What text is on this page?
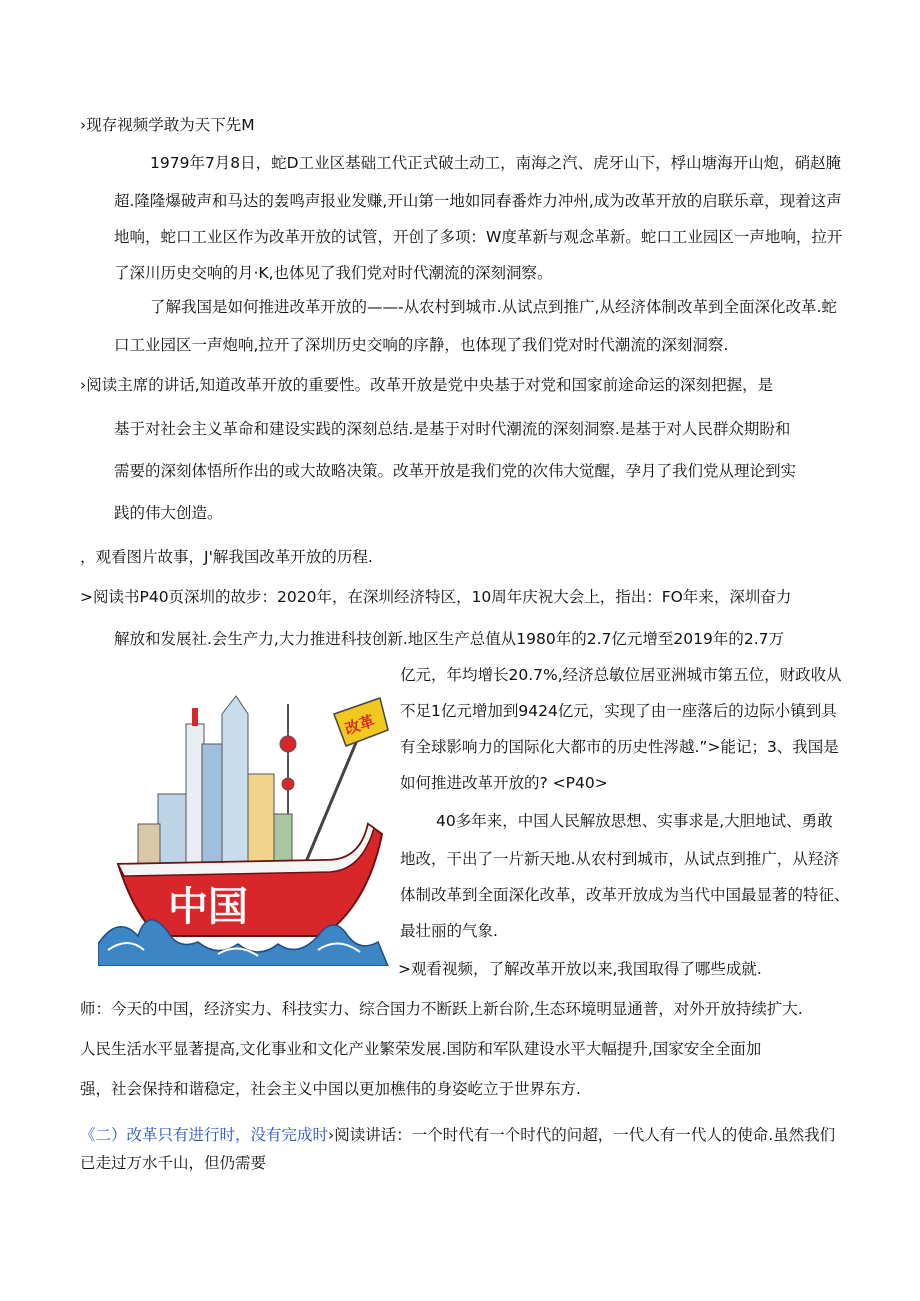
›现存视频学敢为天下先M
1979年7月8日，蛇D工业区基础工代正式破土动工，南海之汽、虎牙山下，桴山塘海开山炮，硝赵腌
超.隆隆爆破声和马达的轰鸣声报业发赚,开山第一地如同春番炸力冲州,成为改革开放的启联乐章，现着这声
地响，蛇口工业区作为改革开放的试管，开创了多项：W度革新与观念革新。蛇口工业园区一声地响，拉开
了深川历史交响的月·K,也体见了我们党对时代潮流的深刻洞察。
了解我国是如何推进改革开放的——-从农村到城市.从试点到推广,从经济体制改革到全面深化改革.蛇
口工业园区一声炮响,拉开了深圳历史交响的序静，也体现了我们党对时代潮流的深刻洞察.
›阅读主席的讲话,知道改革开放的重要性。改革开放是党中央基于对党和国家前途命运的深刻把握，是
基于对社会主义革命和建设实践的深刻总结.是基于对时代潮流的深刻洞察.是基于对人民群众期盼和
需要的深刻体悟所作出的或大故略决策。改革开放是我们党的次伟大觉醒，孕月了我们党从理论到实
践的伟大创造。
，观看图片故事，J'解我国改革开放的历程.
>阅读书P40页深圳的故步：2020年，在深圳经济特区，10周年庆祝大会上，指出：FO年来，深圳奋力
解放和发展社.会生产力,大力推进科技创新.地区生产总值从1980年的2.7亿元增至2019年的2.7万
亿元，年均增长20.7%,经济总敏位居亚洲城市第五位，财政收从
不足1亿元增加到9424亿元，实现了由一座落后的边际小镇到具
有全球影响力的国际化大都市的历史性涔越.”>能记；3、我国是
如何推进改革开放的? <P40>
40多年来，中国人民解放思想、实事求是,大胆地试、勇敢
地改，干出了一片新天地.从农村到城市，从试点到推广，从羟济
体制改革到全面深化改革，改革开放成为当代中国最显著的特征、
最壮丽的气象.
>观看视频，了解改革开放以来,我国取得了哪些成就.
改革
中国
师：今天的中国，经济实力、科技实力、综合国力不断跃上新台阶,生态环境明显通普，对外开放持续扩大.
人民生活水平显著提高,文化事业和文化产业繁荣发展.国防和军队建设水平大幅提升,国家安全全面加
强，社会保持和谐稳定，社会主义中国以更加樵伟的身姿屹立于世界东方.
《二）改革只有进行时，没有完成时›阅读讲话：一个时代有一个时代的问超，一代人有一代人的使命.虽然我们
已走过万水千山，但仍需要
